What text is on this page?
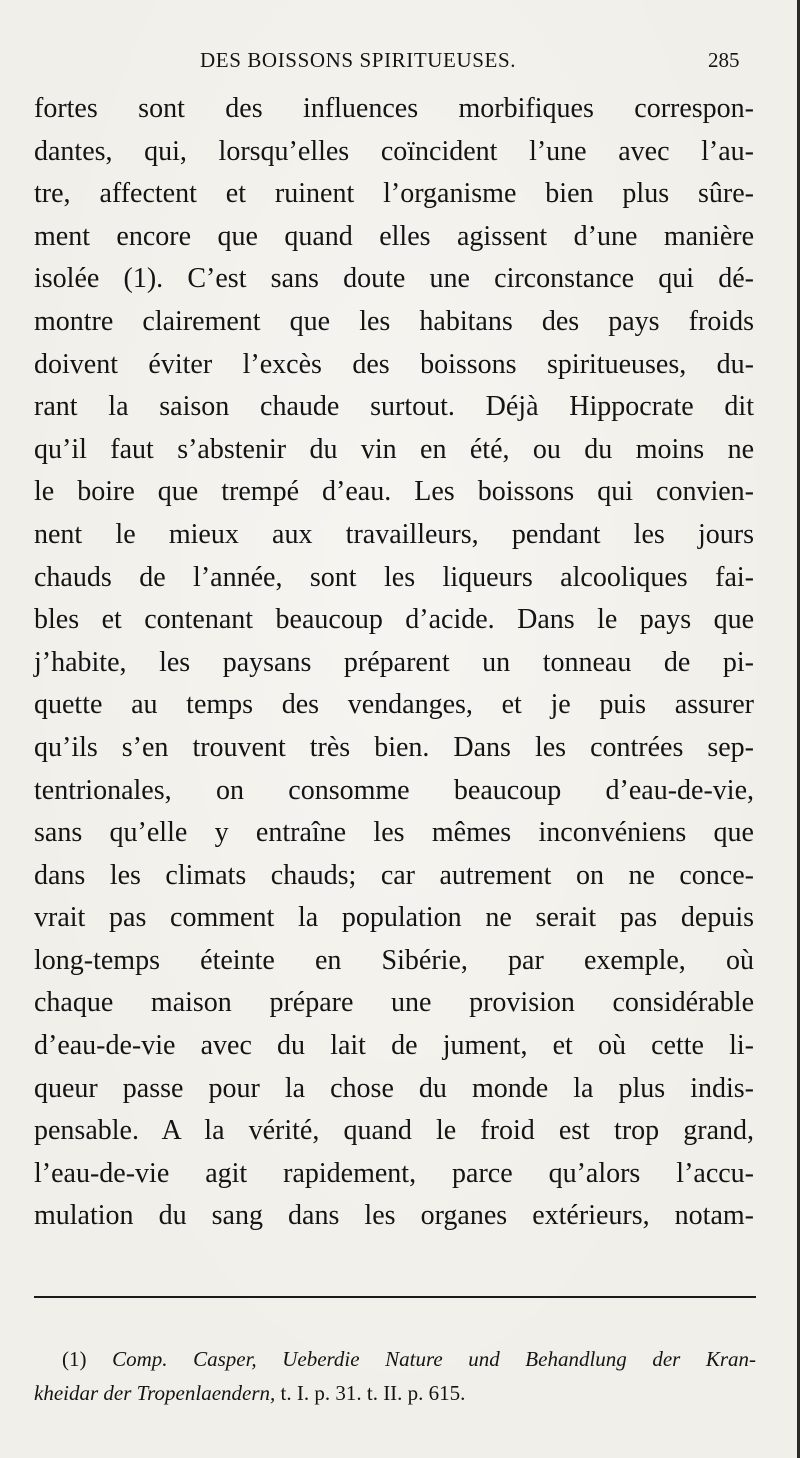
DES BOISSONS SPIRITUEUSES.	285
fortes sont des influences morbifiques correspon-
dantes, qui, lorsqu’elles coïncident l’une avec l’au-
tre, affectent et ruinent l’organisme bien plus sûre-
ment encore que quand elles agissent d’une manière
isolée (1). C’est sans doute une circonstance qui dé-
montre clairement que les habitans des pays froids
doivent éviter l’excès des boissons spiritueuses, du-
rant la saison chaude surtout. Déjà Hippocrate dit
qu’il faut s’abstenir du vin en été, ou du moins ne
le boire que trempé d’eau. Les boissons qui convien-
nent le mieux aux travailleurs, pendant les jours
chauds de l’année, sont les liqueurs alcooliques fai-
bles et contenant beaucoup d’acide. Dans le pays que
j’habite, les paysans préparent un tonneau de pi-
quette au temps des vendanges, et je puis assurer
qu’ils s’en trouvent très bien. Dans les contrées sep-
tentrionales, on consomme beaucoup d’eau-de-vie,
sans qu’elle y entraîne les mêmes inconvéniens que
dans les climats chauds; car autrement on ne conce-
vrait pas comment la population ne serait pas depuis
long-temps éteinte en Sibérie, par exemple, où
chaque maison prépare une provision considérable
d’eau-de-vie avec du lait de jument, et où cette li-
queur passe pour la chose du monde la plus indis-
pensable. A la vérité, quand le froid est trop grand,
l’eau-de-vie agit rapidement, parce qu’alors l’accu-
mulation du sang dans les organes extérieurs, notam-
(1) Comp. Casper, Ueberdie Nature und Behandlung der Kran-
kheidar der Tropenlaendern, t. I. p. 31. t. II. p. 615.
